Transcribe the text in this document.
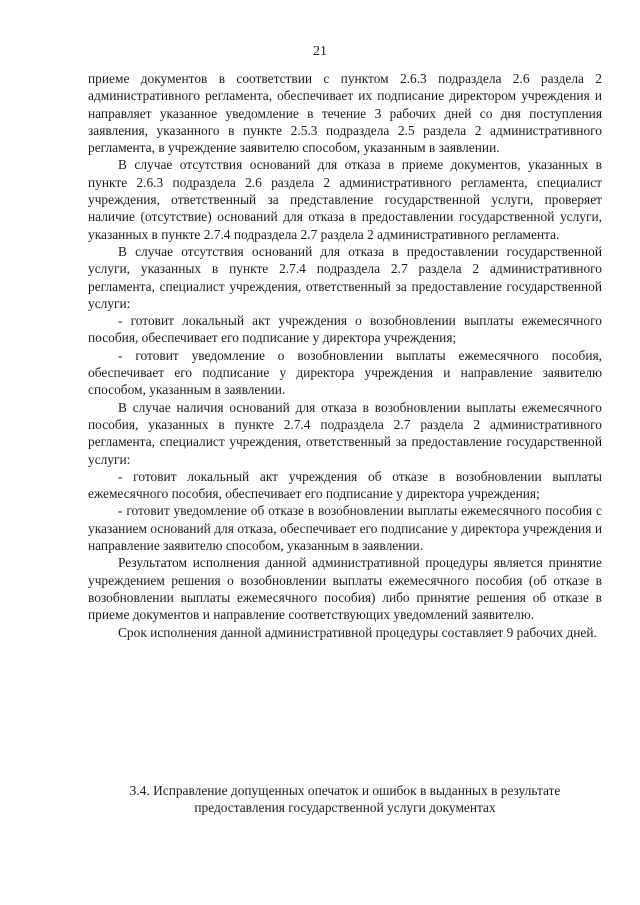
21

приеме документов в соответствии с пунктом 2.6.3 подраздела 2.6 раздела 2 административного регламента, обеспечивает их подписание директором учреждения и направляет указанное уведомление в течение 3 рабочих дней со дня поступления заявления, указанного в пункте 2.5.3 подраздела 2.5 раздела 2 административного регламента, в учреждение заявителю способом, указанным в заявлении.

В случае отсутствия оснований для отказа в приеме документов, указанных в пункте 2.6.3 подраздела 2.6 раздела 2 административного регламента, специалист учреждения, ответственный за представление государственной услуги, проверяет наличие (отсутствие) оснований для отказа в предоставлении государственной услуги, указанных в пункте 2.7.4 подраздела 2.7 раздела 2 административного регламента.

В случае отсутствия оснований для отказа в предоставлении государственной услуги, указанных в пункте 2.7.4 подраздела 2.7 раздела 2 административного регламента, специалист учреждения, ответственный за предоставление государственной услуги:

- готовит локальный акт учреждения о возобновлении выплаты ежемесячного пособия, обеспечивает его подписание у директора учреждения;

- готовит уведомление о возобновлении выплаты ежемесячного пособия, обеспечивает его подписание у директора учреждения и направление заявителю способом, указанным в заявлении.

В случае наличия оснований для отказа в возобновлении выплаты ежемесячного пособия, указанных в пункте 2.7.4 подраздела 2.7 раздела 2 административного регламента, специалист учреждения, ответственный за предоставление государственной услуги:

- готовит локальный акт учреждения об отказе в возобновлении выплаты ежемесячного пособия, обеспечивает его подписание у директора учреждения;

- готовит уведомление об отказе в возобновлении выплаты ежемесячного пособия с указанием оснований для отказа, обеспечивает его подписание у директора учреждения и направление заявителю способом, указанным в заявлении.

Результатом исполнения данной административной процедуры является принятие учреждением решения о возобновлении выплаты ежемесячного пособия (об отказе в возобновлении выплаты ежемесячного пособия) либо принятие решения об отказе в приеме документов и направление соответствующих уведомлений заявителю.

Срок исполнения данной административной процедуры составляет 9 рабочих дней.

3.4. Исправление допущенных опечаток и ошибок в выданных в результате предоставления государственной услуги документах
